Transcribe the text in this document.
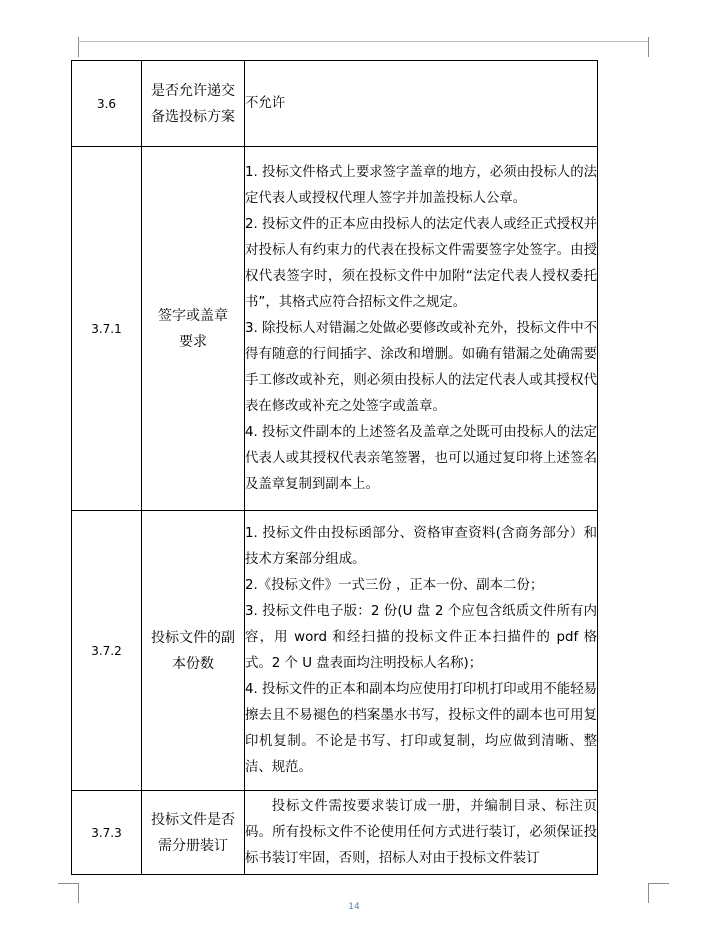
3.6	是否允许递交备选投标方案	不允许

3.7.1	签字或盖章要求	1. 投标文件格式上要求签字盖章的地方，必须由投标人的法定代表人或授权代理人签字并加盖投标人公章。

2. 投标文件的正本应由投标人的法定代表人或经正式授权并对投标人有约束力的代表在投标文件需要签字处签字。由授权代表签字时，须在投标文件中加附“法定代表人授权委托书”，其格式应符合招标文件之规定。

3. 除投标人对错漏之处做必要修改或补充外，投标文件中不得有随意的行间插字、涂改和增删。如确有错漏之处确需要手工修改或补充，则必须由投标人的法定代表人或其授权代表在修改或补充之处签字或盖章。

4. 投标文件副本的上述签名及盖章之处既可由投标人的法定代表人或其授权代表亲笔签署，也可以通过复印将上述签名及盖章复制到副本上。

3.7.2	投标文件的副本份数	1. 投标文件由投标函部分、资格审查资料(含商务部分）和技术方案部分组成。

2.《投标文件》一式三份 ，正本一份、副本二份；

3. 投标文件电子版：2 份(U 盘 2 个应包含纸质文件所有内容，用 word 和经扫描的投标文件正本扫描件的 pdf 格式。2 个 U 盘表面均注明投标人名称)；

4. 投标文件的正本和副本均应使用打印机打印或用不能轻易擦去且不易褪色的档案墨水书写，投标文件的副本也可用复印机复制。不论是书写、打印或复制，均应做到清晰、整洁、规范。

3.7.3	投标文件是否需分册装订	投标文件需按要求装订成一册，并编制目录、标注页码。所有投标文件不论使用任何方式进行装订，必须保证投标书装订牢固，否则，招标人对由于投标文件装订

14
